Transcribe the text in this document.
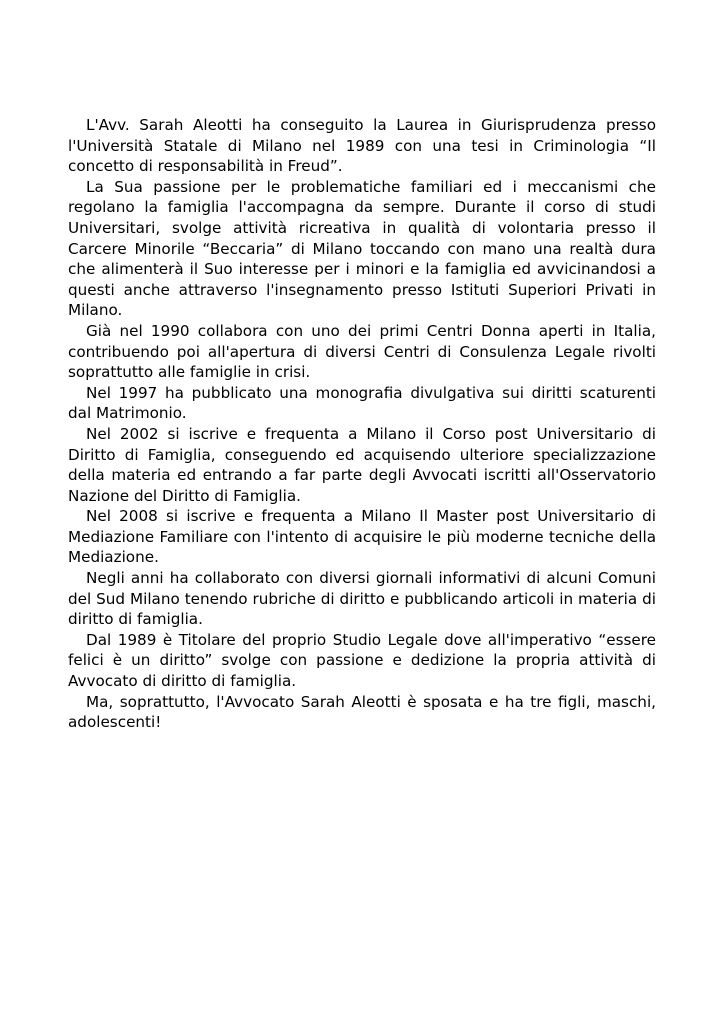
L'Avv. Sarah Aleotti ha conseguito la Laurea in Giurisprudenza presso l'Università Statale di Milano nel 1989 con una tesi in Criminologia “Il concetto di responsabilità in Freud”.

La Sua passione per le problematiche familiari ed i meccanismi che regolano la famiglia l'accompagna da sempre. Durante il corso di studi Universitari, svolge attività ricreativa in qualità di volontaria presso il Carcere Minorile “Beccaria” di Milano toccando con mano una realtà dura che alimenterà il Suo interesse per i minori e la famiglia ed avvicinandosi a questi anche attraverso l'insegnamento presso Istituti Superiori Privati in Milano.

Già nel 1990 collabora con uno dei primi Centri Donna aperti in Italia, contribuendo poi all'apertura di diversi Centri di Consulenza Legale rivolti soprattutto alle famiglie in crisi.

Nel 1997 ha pubblicato una monografia divulgativa sui diritti scaturenti dal Matrimonio.

Nel 2002 si iscrive e frequenta a Milano il Corso post Universitario di Diritto di Famiglia, conseguendo ed acquisendo ulteriore specializzazione della materia ed entrando a far parte degli Avvocati iscritti all'Osservatorio Nazione del Diritto di Famiglia.

Nel 2008 si iscrive e frequenta a Milano Il Master post Universitario di Mediazione Familiare con l'intento di acquisire le più moderne tecniche della Mediazione.

Negli anni ha collaborato con diversi giornali informativi di alcuni Comuni del Sud Milano tenendo rubriche di diritto e pubblicando articoli in materia di diritto di famiglia.

Dal 1989 è Titolare del proprio Studio Legale dove all'imperativo “essere felici è un diritto” svolge con passione e dedizione la propria attività di Avvocato di diritto di famiglia.

Ma, soprattutto, l'Avvocato Sarah Aleotti è sposata e ha tre figli, maschi, adolescenti!
